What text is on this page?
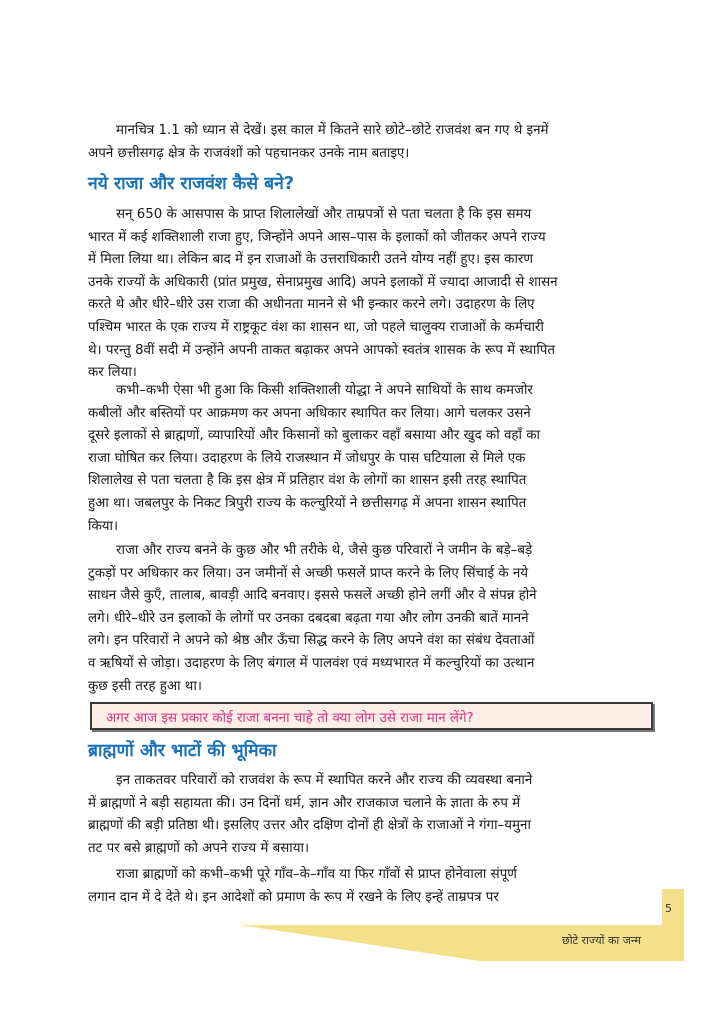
मानचित्र 1.1 को ध्यान से देखें। इस काल में कितने सारे छोटे–छोटे राजवंश बन गए थे इनमें
अपने छत्तीसगढ़ क्षेत्र के राजवंशों को पहचानकर उनके नाम बताइए।

नये राजा और राजवंश कैसे बने?

सन् 650 के आसपास के प्राप्त शिलालेखों और ताम्रपत्रों से पता चलता है कि इस समय
भारत में कई शक्तिशाली राजा हुए, जिन्होंने अपने आस–पास के इलाकों को जीतकर अपने राज्य
में मिला लिया था। लेकिन बाद में इन राजाओं के उत्तराधिकारी उतने योग्य नहीं हुए। इस कारण
उनके राज्यों के अधिकारी (प्रांत प्रमुख, सेनाप्रमुख आदि) अपने इलाकों में ज्यादा आजादी से शासन
करते थे और धीरे–धीरे उस राजा की अधीनता मानने से भी इन्कार करने लगे। उदाहरण के लिए
पश्चिम भारत के एक राज्य में राष्ट्रकूट वंश का शासन था, जो पहले चालुक्य राजाओं के कर्मचारी
थे। परन्तु 8वीं सदी में उन्होंने अपनी ताकत बढ़ाकर अपने आपको स्वतंत्र शासक के रूप में स्थापित
कर लिया।

कभी–कभी ऐसा भी हुआ कि किसी शक्तिशाली योद्धा ने अपने साथियों के साथ कमजोर
कबीलों और बस्तियों पर आक्रमण कर अपना अधिकार स्थापित कर लिया। आगे चलकर उसने
दूसरे इलाकों से ब्राह्मणों, व्यापारियों और किसानों को बुलाकर वहाँ बसाया और खुद को वहाँ का
राजा घोषित कर लिया। उदाहरण के लिये राजस्थान में जोधपुर के पास घटियाला से मिले एक
शिलालेख से पता चलता है कि इस क्षेत्र में प्रतिहार वंश के लोगों का शासन इसी तरह स्थापित
हुआ था। जबलपुर के निकट त्रिपुरी राज्य के कल्चुरियों ने छत्तीसगढ़ में अपना शासन स्थापित
किया।

राजा और राज्य बनने के कुछ और भी तरीके थे, जैसे कुछ परिवारों ने जमीन के बड़े–बड़े
टुकड़ों पर अधिकार कर लिया। उन जमीनों से अच्छी फसलें प्राप्त करने के लिए सिंचाई के नये
साधन जैसे कुएँ, तालाब, बावड़ी आदि बनवाए। इससे फसलें अच्छी होने लगीं और वे संपन्न होने
लगे। धीरे–धीरे उन इलाकों के लोगों पर उनका दबदबा बढ़ता गया और लोग उनकी बातें मानने
लगे। इन परिवारों ने अपने को श्रेष्ठ और ऊँचा सिद्ध करने के लिए अपने वंश का संबंध देवताओं
व ऋषियों से जोड़ा। उदाहरण के लिए बंगाल में पालवंश एवं मध्यभारत में कल्चुरियों का उत्थान
कुछ इसी तरह हुआ था।

अगर आज इस प्रकार कोई राजा बनना चाहे तो क्या लोग उसे राजा मान लेंगे?
ब्राह्मणों और भाटों की भूमिका

इन ताकतवर परिवारों को राजवंश के रूप में स्थापित करने और राज्य की व्यवस्था बनाने
में ब्राह्मणों ने बड़ी सहायता की। उन दिनों धर्म, ज्ञान और राजकाज चलाने के ज्ञाता के रुप में
ब्राह्मणों की बड़ी प्रतिष्ठा थी। इसलिए उत्तर और दक्षिण दोनों ही क्षेत्रों के राजाओं ने गंगा–यमुना
तट पर बसे ब्राह्मणों को अपने राज्य में बसाया।

राजा ब्राह्मणों को कभी–कभी पूरे गाँव–के–गाँव या फिर गाँवों से प्राप्त होनेवाला संपूर्ण
लगान दान में दे देते थे। इन आदेशों को प्रमाण के रूप में रखने के लिए इन्हें ताम्रपत्र पर

5
छोटे राज्यों का जन्म
